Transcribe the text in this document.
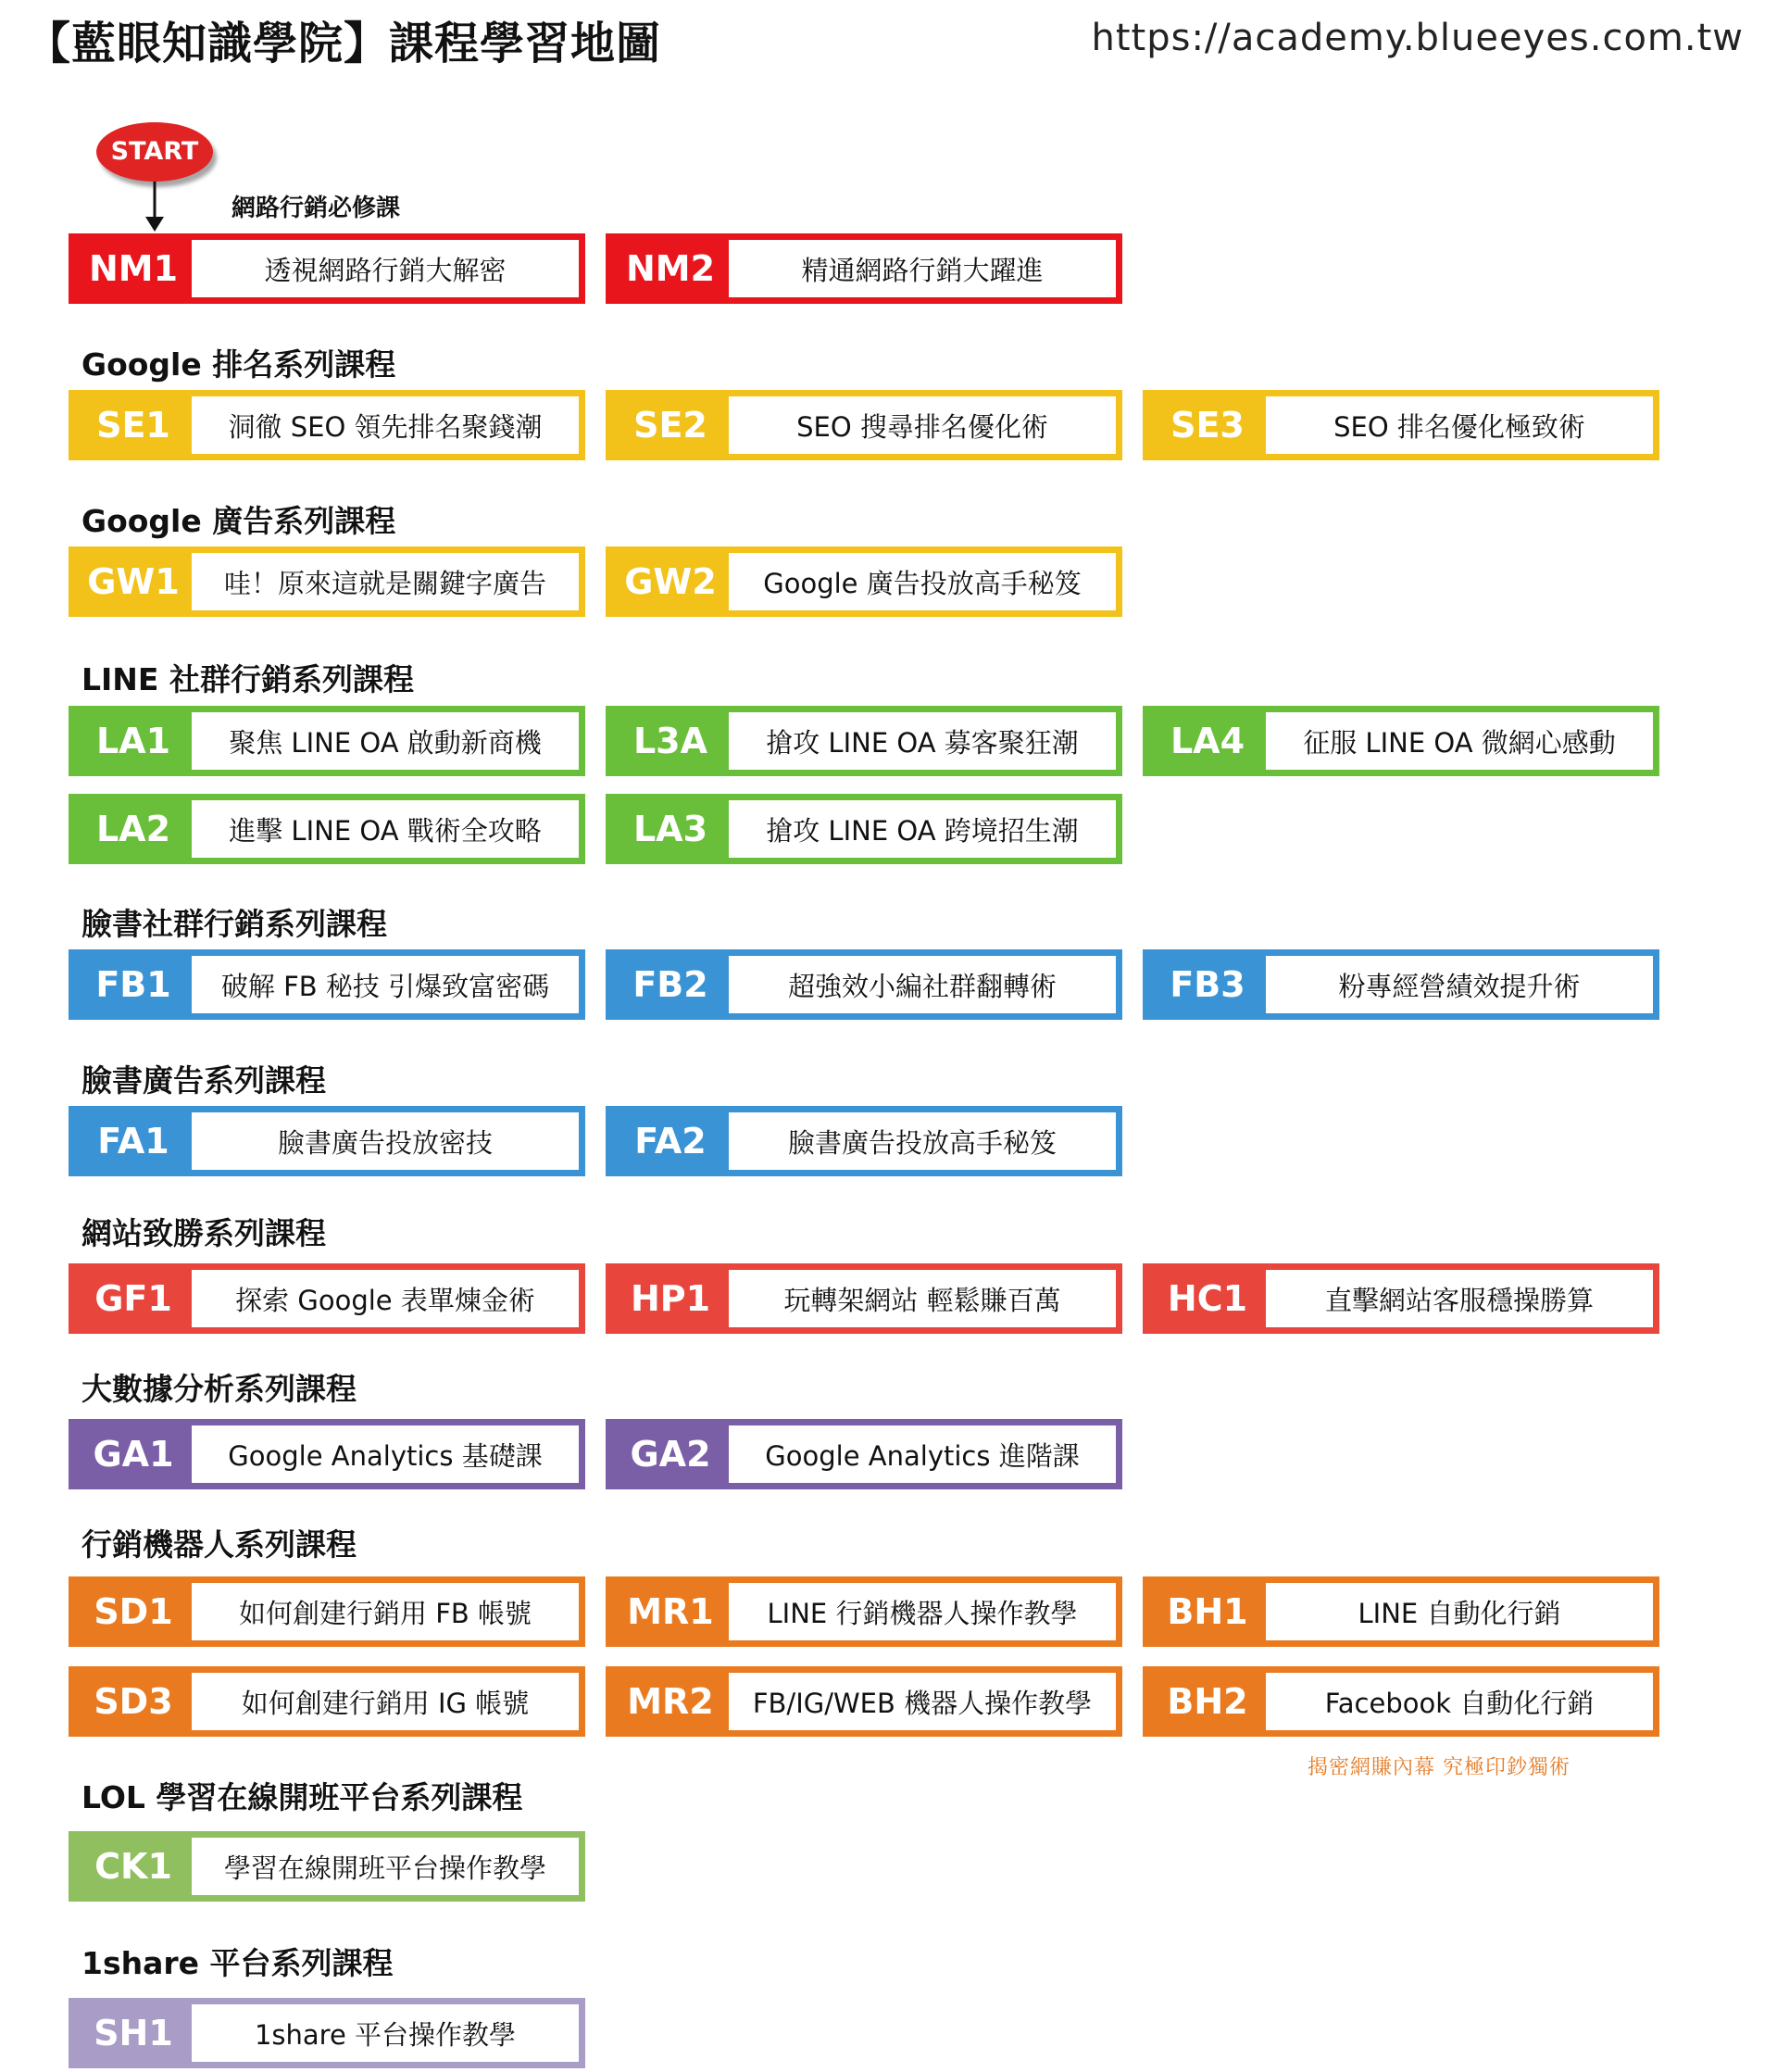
【藍眼知識學院】課程學習地圖	https://academy.blueeyes.com.tw
START
網路行銷必修課
NM1	透視網路行銷大解密	NM2	精通網路行銷大躍進
Google 排名系列課程
SE1	洞徹 SEO 領先排名聚錢潮	SE2	SEO 搜尋排名優化術	SE3	SEO 排名優化極致術
Google 廣告系列課程
GW1	哇！原來這就是關鍵字廣告	GW2	Google 廣告投放高手秘笈
LINE 社群行銷系列課程
LA1	聚焦 LINE OA 啟動新商機	L3A	搶攻 LINE OA 募客聚狂潮	LA4	征服 LINE OA 微網心感動
LA2	進擊 LINE OA 戰術全攻略	LA3	搶攻 LINE OA 跨境招生潮
臉書社群行銷系列課程
FB1	破解 FB 秘技 引爆致富密碼	FB2	超強效小編社群翻轉術	FB3	粉專經營績效提升術
臉書廣告系列課程
FA1	臉書廣告投放密技	FA2	臉書廣告投放高手秘笈
網站致勝系列課程
GF1	探索 Google 表單煉金術	HP1	玩轉架網站 輕鬆賺百萬	HC1	直擊網站客服穩操勝算
大數據分析系列課程
GA1	Google Analytics 基礎課	GA2	Google Analytics 進階課
行銷機器人系列課程
SD1	如何創建行銷用 FB 帳號	MR1	LINE 行銷機器人操作教學	BH1	LINE 自動化行銷
SD3	如何創建行銷用 IG 帳號	MR2	FB/IG/WEB 機器人操作教學	BH2	Facebook 自動化行銷
LOL 學習在線開班平台系列課程
CK1	學習在線開班平台操作教學
1share 平台系列課程
SH1	1share 平台操作教學
揭密網賺內幕 究極印鈔獨術
